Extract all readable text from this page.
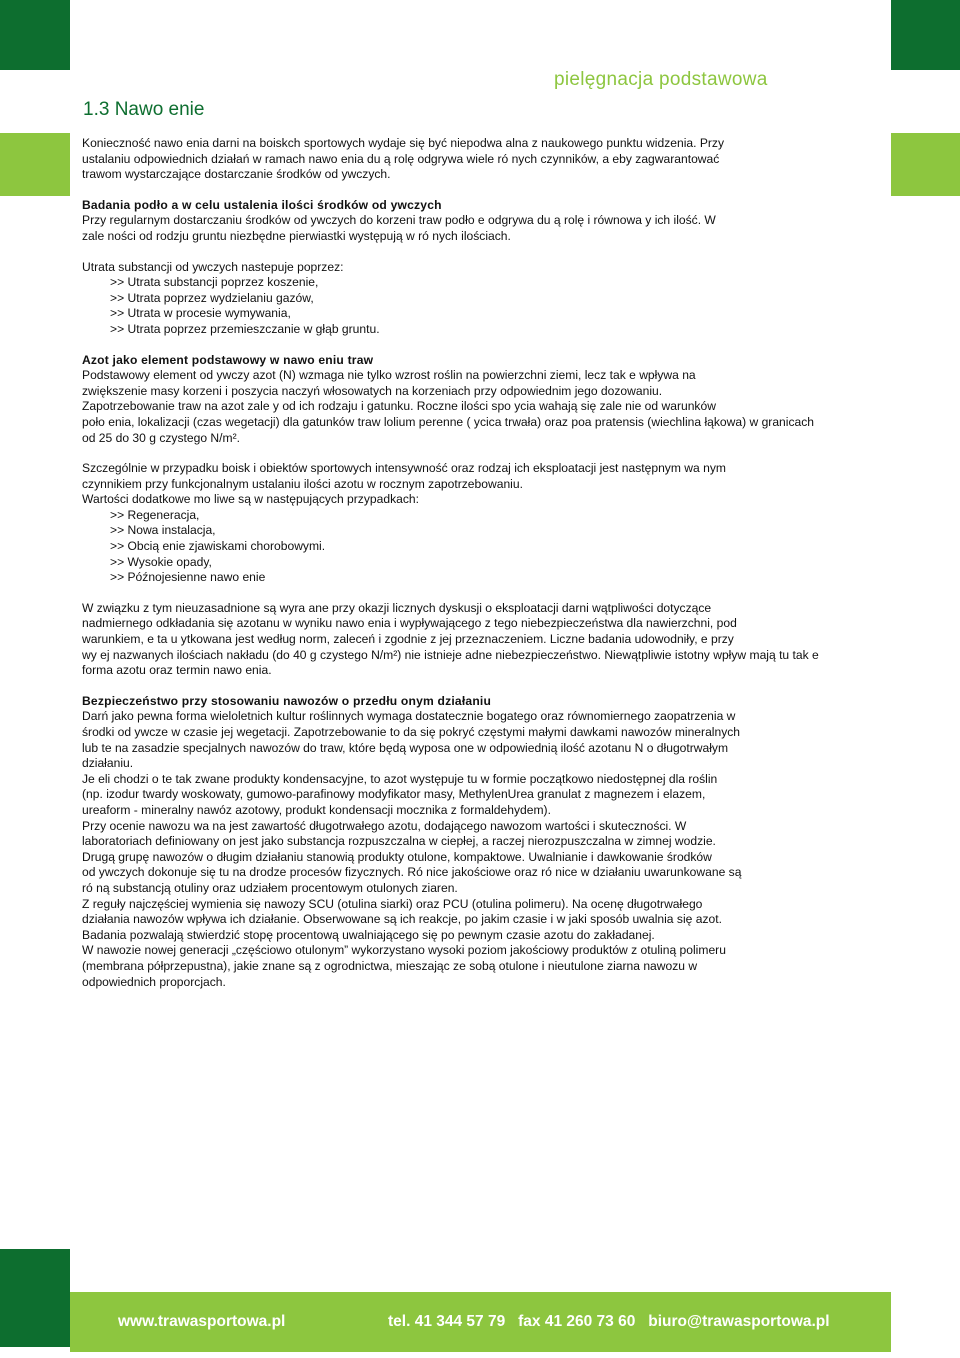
pielęgnacja podstawowa
1.3 Nawo enie

Konieczność nawo enia darni na boiskch sportowych wydaje się być niepodwa alna z naukowego punktu widzenia. Przy

ustalaniu odpowiednich działań w ramach nawo enia du ą rolę odgrywa wiele ró nych czynników, a eby zagwarantować

trawom wystarczające dostarczanie środków od ywczych.

Badania podło a w celu ustalenia ilości środków od ywczych

Przy regularnym dostarczaniu środków od ywczych do korzeni traw podło e odgrywa du ą rolę i równowa y ich ilość. W

zale ności od rodzju gruntu niezbędne pierwiastki występują w ró nych ilościach.

Utrata substancji od ywczych nastepuje poprzez:

>> Utrata substancji poprzez koszenie,

>> Utrata poprzez wydzielaniu gazów,

>> Utrata w procesie wymywania,

>> Utrata poprzez przemieszczanie w głąb gruntu.

Azot jako element podstawowy w nawo eniu traw

Podstawowy element od ywczy azot (N) wzmaga nie tylko wzrost roślin na powierzchni ziemi, lecz tak e wpływa na

zwiększenie masy korzeni i poszycia naczyń włosowatych na korzeniach przy odpowiednim jego dozowaniu.

Zapotrzebowanie traw na azot zale y od ich rodzaju i gatunku. Roczne ilości spo ycia wahają się zale nie od warunków

poło enia, lokalizacji (czas wegetacji) dla gatunków traw lolium perenne ( ycica trwała) oraz poa pratensis (wiechlina łąkowa) w granicach

od 25 do 30 g czystego N/m².

Szczególnie w przypadku boisk i obiektów sportowych intensywność oraz rodzaj ich eksploatacji jest następnym wa nym

czynnikiem przy funkcjonalnym ustalaniu ilości azotu w rocznym zapotrzebowaniu.

Wartości dodatkowe mo liwe są w następujących przypadkach:

>> Regeneracja,

>> Nowa instalacja,

>> Obcią enie zjawiskami chorobowymi.

>> Wysokie opady,

>> Późnojesienne nawo enie

W związku z tym nieuzasadnione są wyra ane przy okazji licznych dyskusji o eksploatacji darni wątpliwości dotyczące

nadmiernego odkładania się azotanu w wyniku nawo enia i wypływającego z tego niebezpieczeństwa dla nawierzchni, pod

warunkiem, e ta u ytkowana jest według norm, zaleceń i zgodnie z jej przeznaczeniem. Liczne badania udowodniły, e przy

wy ej nazwanych ilościach nakładu (do 40 g czystego N/m²) nie istnieje adne niebezpieczeństwo. Niewątpliwie istotny wpływ mają tu tak e

forma azotu oraz termin nawo enia.

Bezpieczeństwo przy stosowaniu nawozów o przedłu onym działaniu

Darń jako pewna forma wieloletnich kultur roślinnych wymaga dostatecznie bogatego oraz równomiernego zaopatrzenia w

środki od ywcze w czasie jej wegetacji. Zapotrzebowanie to da się pokryć częstymi małymi dawkami nawozów mineralnych

lub te na zasadzie specjalnych nawozów do traw, które będą wyposa one w odpowiednią ilość azotanu N o długotrwałym

działaniu.

Je eli chodzi o te tak zwane produkty kondensacyjne, to azot występuje tu w formie początkowo niedostępnej dla roślin

(np. izodur twardy woskowaty, gumowo-parafinowy modyfikator masy, MethylenUrea granulat z magnezem i elazem,

ureaform - mineralny nawóz azotowy, produkt kondensacji mocznika z formaldehydem).

Przy ocenie nawozu wa na jest zawartość długotrwałego azotu, dodającego nawozom wartości i skuteczności. W

laboratoriach definiowany on jest jako substancja rozpuszczalna w ciepłej, a raczej nierozpuszczalna w zimnej wodzie.

Drugą grupę nawozów o długim działaniu stanowią produkty otulone, kompaktowe. Uwalnianie i dawkowanie środków

od ywczych dokonuje się tu na drodze procesów fizycznych. Ró nice jakościowe oraz ró nice w działaniu uwarunkowane są

ró ną substancją otuliny oraz udziałem procentowym otulonych ziaren.

Z reguły najczęściej wymienia się nawozy SCU (otulina siarki) oraz PCU (otulina polimeru). Na ocenę długotrwałego

działania nawozów wpływa ich działanie. Obserwowane są ich reakcje, po jakim czasie i w jaki sposób uwalnia się azot.

Badania pozwalają stwierdzić stopę procentową uwalniającego się po pewnym czasie azotu do zakładanej.

W nawozie nowej generacji „częściowo otulonym” wykorzystano wysoki poziom jakościowy produktów z otuliną polimeru

(membrana półprzepustna), jakie znane są z ogrodnictwa, mieszając ze sobą otulone i nieutulone ziarna nawozu w

odpowiednich proporcjach.

www.trawasportowa.pl	tel. 41 344 57 79   fax 41 260 73 60   biuro@trawasportowa.pl
